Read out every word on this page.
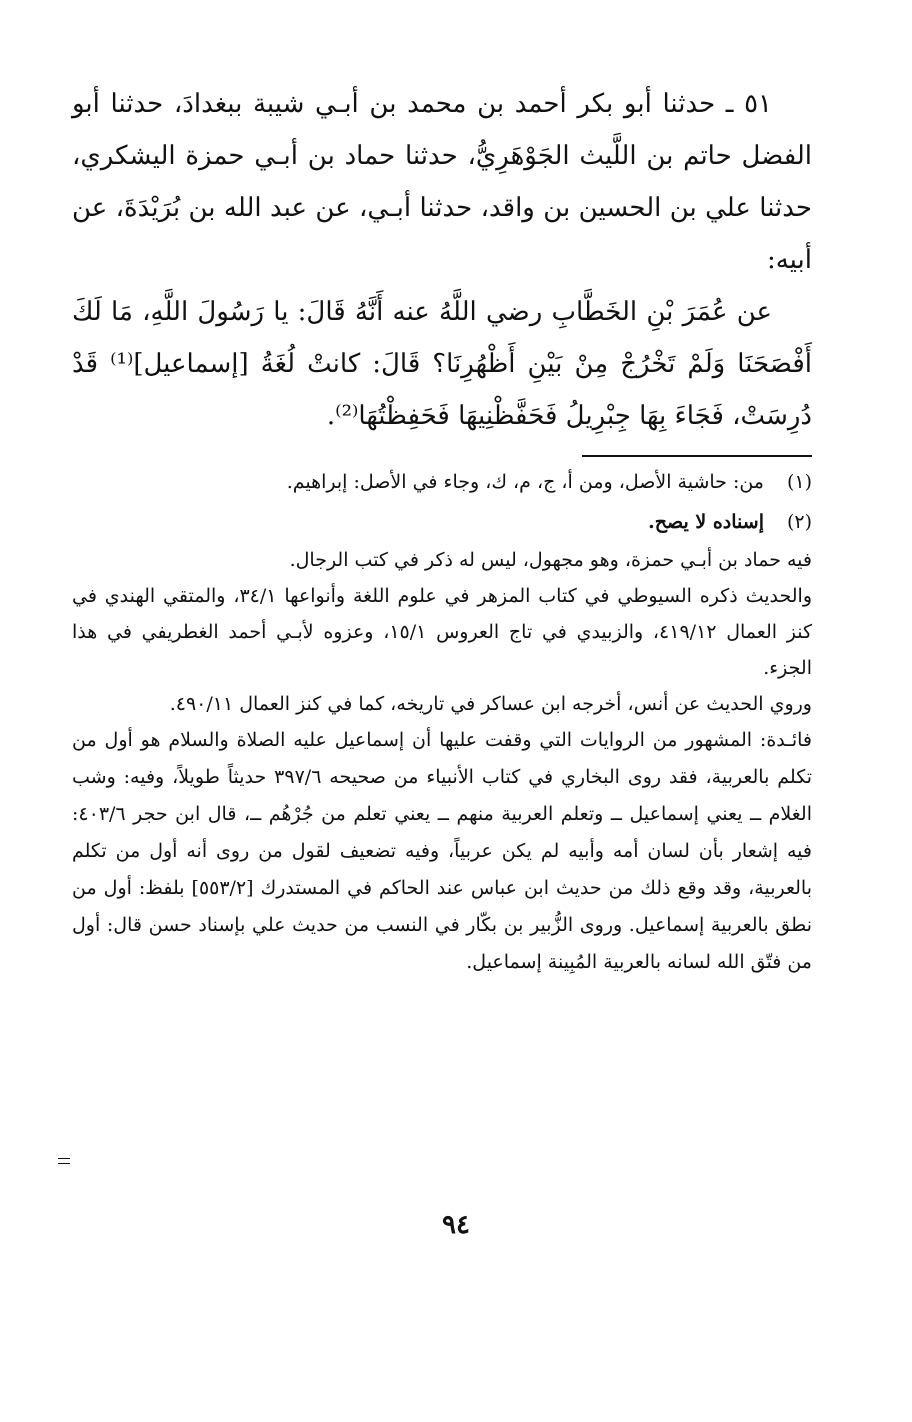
٥١ ـ حدثنا أبو بكر أحمد بن محمد بن أبـي شيبة ببغدادَ، حدثنا أبو الفضل حاتم بن اللَّيث الجَوْهَرِيُّ، حدثنا حماد بن أبـي حمزة اليشكري، حدثنا علي بن الحسين بن واقد، حدثنا أبـي، عن عبد الله بن بُرَيْدَةَ، عن أبيه:

عن عُمَرَ بْنِ الخَطَّابِ رضي اللَّهُ عنه أَنَّهُ قَالَ: يا رَسُولَ اللَّهِ، مَا لَكَ أَفْصَحَنَا وَلَمْ تَخْرُجْ مِنْ بَيْنِ أَظْهُرِنَا؟ قَالَ: كانتْ لُغَةُ [إسماعيل]⁽¹⁾ قَدْ دُرِسَتْ، فَجَاءَ بِهَا جِبْرِيلُ فَحَفَّظْنِيهَا فَحَفِظْتُهَا⁽²⁾.

(١)
من: حاشية الأصل، ومن أ، ج، م، ك، وجاء في الأصل: إبراهيم.
(٢)
إسناده لا يصح.
فيه حماد بن أبـي حمزة، وهو مجهول، ليس له ذكر في كتب الرجال.
والحديث ذكره السيوطي في كتاب المزهر في علوم اللغة وأنواعها ٣٤/١، والمتقي الهندي في كنز العمال ٤١٩/١٢، والزبيدي في تاج العروس ١٥/١، وعزوه لأبـي أحمد الغطريفي في هذا الجزء.
وروي الحديث عن أنس، أخرجه ابن عساكر في تاريخه، كما في كنز العمال ٤٩٠/١١.
فائـدة: المشهور من الروايات التي وقفت عليها أن إسماعيل عليه الصلاة والسلام هو أول من تكلم بالعربية، فقد روى البخاري في كتاب الأنبياء من صحيحه ٣٩٧/٦ حديثاً طويلاً، وفيه: وشب الغلام ــ يعني إسماعيل ــ وتعلم العربية منهم ــ يعني تعلم من جُرْهُم ــ، قال ابن حجر ٤٠٣/٦: فيه إشعار بأن لسان أمه وأبيه لم يكن عربياً، وفيه تضعيف لقول من روى أنه أول من تكلم بالعربية، وقد وقع ذلك من حديث ابن عباس عند الحاكم في المستدرك [٥٥٣/٢] بلفظ: أول من نطق بالعربية إسماعيل. وروى الزُّبير بن بكّار في النسب من حديث علي بإسناد حسن قال: أول من فتّق الله لسانه بالعربية المُبِينة إسماعيل.
٩٤
